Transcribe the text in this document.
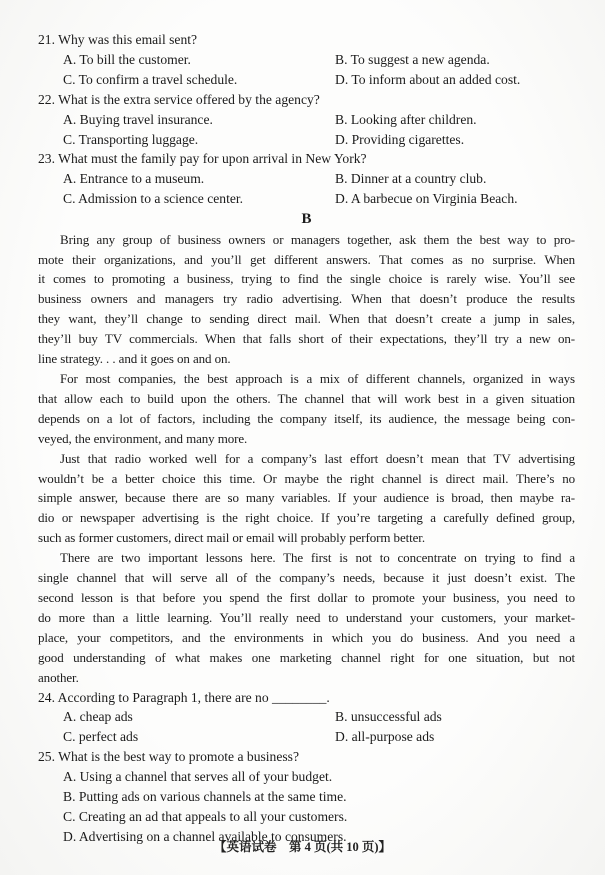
21. Why was this email sent?
A. To bill the customer.	B. To suggest a new agenda.
C. To confirm a travel schedule.	D. To inform about an added cost.
22. What is the extra service offered by the agency?
A. Buying travel insurance.	B. Looking after children.
C. Transporting luggage.	D. Providing cigarettes.
23. What must the family pay for upon arrival in New York?
A. Entrance to a museum.	B. Dinner at a country club.
C. Admission to a science center.	D. A barbecue on Virginia Beach.
B
Bring any group of business owners or managers together, ask them the best way to pro-
mote their organizations, and you’ll get different answers. That comes as no surprise. When
it comes to promoting a business, trying to find the single choice is rarely wise. You’ll see
business owners and managers try radio advertising. When that doesn’t produce the results
they want, they’ll change to sending direct mail. When that doesn’t create a jump in sales,
they’ll buy TV commercials. When that falls short of their expectations, they’ll try a new on-
line strategy. . . and it goes on and on.
For most companies, the best approach is a mix of different channels, organized in ways
that allow each to build upon the others. The channel that will work best in a given situation
depends on a lot of factors, including the company itself, its audience, the message being con-
veyed, the environment, and many more.
Just that radio worked well for a company’s last effort doesn’t mean that TV advertising
wouldn’t be a better choice this time. Or maybe the right channel is direct mail. There’s no
simple answer, because there are so many variables. If your audience is broad, then maybe ra-
dio or newspaper advertising is the right choice. If you’re targeting a carefully defined group,
such as former customers, direct mail or email will probably perform better.
There are two important lessons here. The first is not to concentrate on trying to find a
single channel that will serve all of the company’s needs, because it just doesn’t exist. The
second lesson is that before you spend the first dollar to promote your business, you need to
do more than a little learning. You’ll really need to understand your customers, your market-
place, your competitors, and the environments in which you do business. And you need a
good understanding of what makes one marketing channel right for one situation, but not
another.
24. According to Paragraph 1, there are no ________.
A. cheap ads	B. unsuccessful ads
C. perfect ads	D. all-purpose ads
25. What is the best way to promote a business?
A. Using a channel that serves all of your budget.
B. Putting ads on various channels at the same time.
C. Creating an ad that appeals to all your customers.
D. Advertising on a channel available to consumers.
【英语试卷　第 4 页(共 10 页)】
